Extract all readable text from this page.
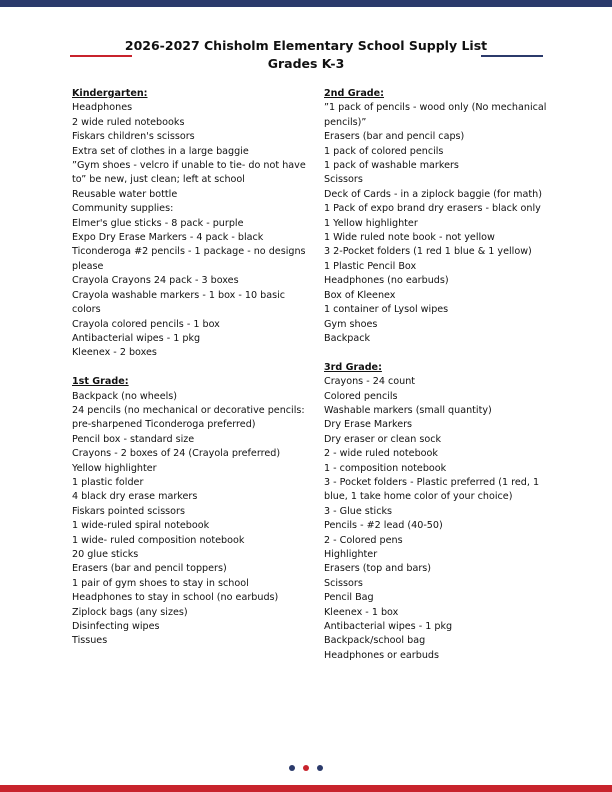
2026-2027 Chisholm Elementary School Supply List
Grades K-3
Kindergarten:
Headphones
2 wide ruled notebooks
Fiskars children's scissors
Extra set of clothes in a large baggie
”Gym shoes - velcro if unable to tie- do not have to” be new, just clean; left at school
Reusable water bottle
Community supplies:
Elmer's glue sticks - 8 pack - purple
Expo Dry Erase Markers - 4 pack - black
Ticonderoga #2 pencils - 1 package - no designs please
Crayola Crayons 24 pack - 3 boxes
Crayola washable markers - 1 box - 10 basic colors
Crayola colored pencils - 1 box
Antibacterial wipes - 1 pkg
Kleenex - 2 boxes
1st Grade:
Backpack (no wheels)
24 pencils (no mechanical or decorative pencils: pre-sharpened Ticonderoga preferred)
Pencil box - standard size
Crayons - 2 boxes of 24 (Crayola preferred)
Yellow highlighter
1 plastic folder
4 black dry erase markers
Fiskars pointed scissors
1 wide-ruled spiral notebook
1 wide- ruled composition notebook
20 glue sticks
Erasers (bar and pencil toppers)
1 pair of gym shoes to stay in school
Headphones to stay in school (no earbuds)
Ziplock bags (any sizes)
Disinfecting wipes
Tissues
2nd Grade:
”1 pack of pencils - wood only (No mechanical pencils)”
Erasers (bar and pencil caps)
1 pack of colored pencils
1 pack of washable markers
Scissors
Deck of Cards - in a ziplock baggie (for math)
1 Pack of expo brand dry erasers - black only
1 Yellow highlighter
1 Wide ruled note book - not yellow
3 2-Pocket folders (1 red 1 blue & 1 yellow)
1 Plastic Pencil Box
Headphones (no earbuds)
Box of Kleenex
1 container of Lysol wipes
Gym shoes
Backpack
3rd Grade:
Crayons - 24 count
Colored pencils
Washable markers (small quantity)
Dry Erase Markers
Dry eraser or clean sock
2 - wide ruled notebook
1 - composition notebook
3 - Pocket folders - Plastic preferred (1 red, 1 blue, 1 take home color of your choice)
3 - Glue sticks
Pencils - #2 lead (40-50)
2 - Colored pens
Highlighter
Erasers (top and bars)
Scissors
Pencil Bag
Kleenex - 1 box
Antibacterial wipes - 1 pkg
Backpack/school bag
Headphones or earbuds
